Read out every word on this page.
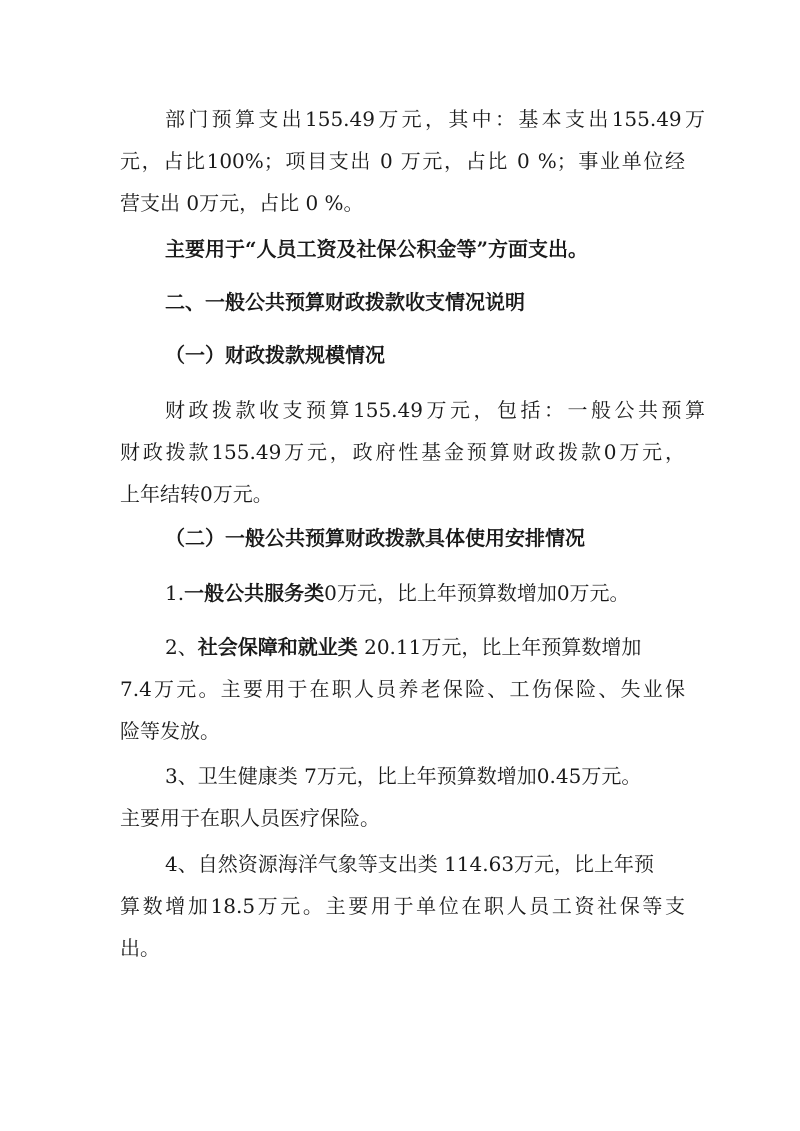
部门预算支出155.49万元，其中：基本支出155.49万
元，占比100%；项目支出 0 万元，占比 0 %；事业单位经
营支出 0万元，占比 0 %。
主要用于“人员工资及社保公积金等”方面支出。
二、一般公共预算财政拨款收支情况说明
（一）财政拨款规模情况
财政拨款收支预算155.49万元，包括：一般公共预算
财政拨款155.49万元，政府性基金预算财政拨款0万元，
上年结转0万元。
（二）一般公共预算财政拨款具体使用安排情况
1.一般公共服务类0万元，比上年预算数增加0万元。
2、社会保障和就业类 20.11万元，比上年预算数增加
7.4万元。主要用于在职人员养老保险、工伤保险、失业保
险等发放。
3、卫生健康类 7万元，比上年预算数增加0.45万元。
主要用于在职人员医疗保险。
4、自然资源海洋气象等支出类 114.63万元，比上年预
算数增加18.5万元。主要用于单位在职人员工资社保等支
出。
